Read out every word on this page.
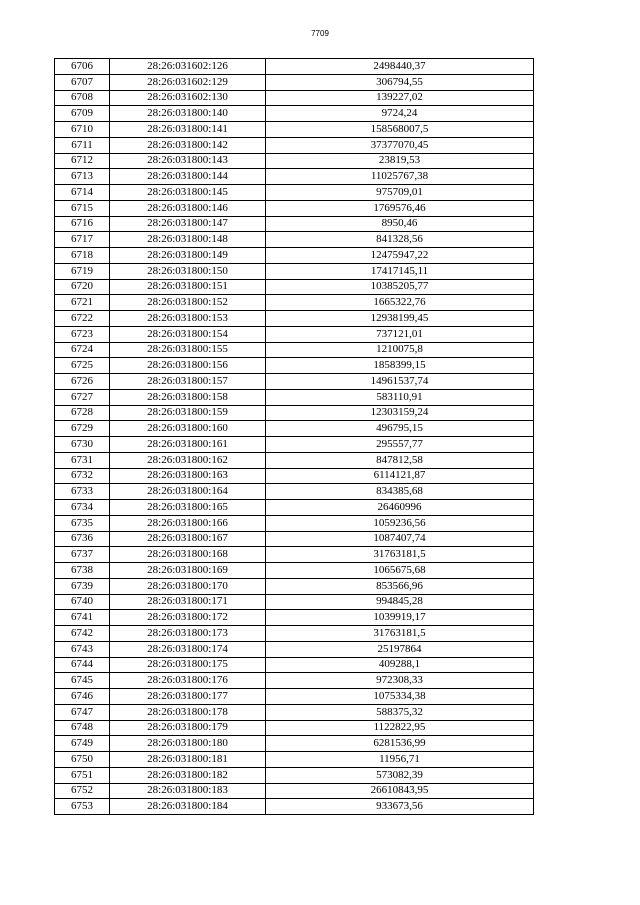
7709
6706	28:26:031602:126	2498440,37
6707	28:26:031602:129	306794,55
6708	28:26:031602:130	139227,02
6709	28:26:031800:140	9724,24
6710	28:26:031800:141	158568007,5
6711	28:26:031800:142	37377070,45
6712	28:26:031800:143	23819,53
6713	28:26:031800:144	11025767,38
6714	28:26:031800:145	975709,01
6715	28:26:031800:146	1769576,46
6716	28:26:031800:147	8950,46
6717	28:26:031800:148	841328,56
6718	28:26:031800:149	12475947,22
6719	28:26:031800:150	17417145,11
6720	28:26:031800:151	10385205,77
6721	28:26:031800:152	1665322,76
6722	28:26:031800:153	12938199,45
6723	28:26:031800:154	737121,01
6724	28:26:031800:155	1210075,8
6725	28:26:031800:156	1858399,15
6726	28:26:031800:157	14961537,74
6727	28:26:031800:158	583110,91
6728	28:26:031800:159	12303159,24
6729	28:26:031800:160	496795,15
6730	28:26:031800:161	295557,77
6731	28:26:031800:162	847812,58
6732	28:26:031800:163	6114121,87
6733	28:26:031800:164	834385,68
6734	28:26:031800:165	26460996
6735	28:26:031800:166	1059236,56
6736	28:26:031800:167	1087407,74
6737	28:26:031800:168	31763181,5
6738	28:26:031800:169	1065675,68
6739	28:26:031800:170	853566,96
6740	28:26:031800:171	994845,28
6741	28:26:031800:172	1039919,17
6742	28:26:031800:173	31763181,5
6743	28:26:031800:174	25197864
6744	28:26:031800:175	409288,1
6745	28:26:031800:176	972308,33
6746	28:26:031800:177	1075334,38
6747	28:26:031800:178	588375,32
6748	28:26:031800:179	1122822,95
6749	28:26:031800:180	6281536,99
6750	28:26:031800:181	11956,71
6751	28:26:031800:182	573082,39
6752	28:26:031800:183	26610843,95
6753	28:26:031800:184	933673,56
